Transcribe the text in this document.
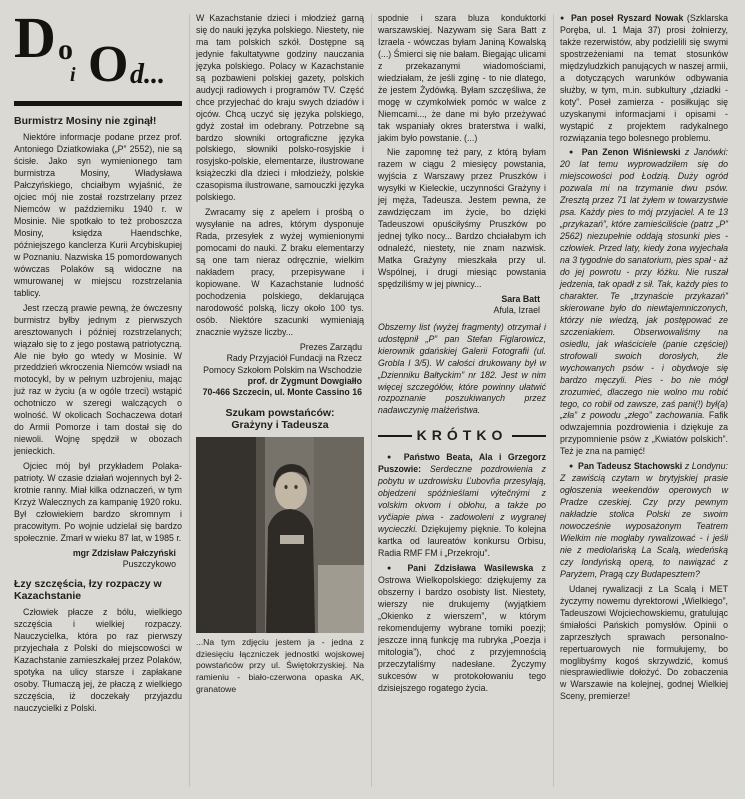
D o
i O d...
Burmistrz Mosiny nie zginął!

Niektóre informacje podane przez prof. Antoniego Dziatkowiaka („P” 2552), nie są ścisłe. Jako syn wymienionego tam burmistrza Mosiny, Władysława Pałczyńskiego, chciałbym wyjaśnić, że ojciec mój nie został rozstrzelany przez Niemców w październiku 1940 r. w Mosinie. Nie spotkało to też proboszcza Mosiny, księdza Haendschke, późniejszego kanclerza Kurii Arcybiskupiej w Poznaniu. Nazwiska 15 pomordowanych wówczas Polaków są widoczne na wmurowanej w miejscu rozstrzelania tablicy.

Jest rzeczą prawie pewną, że ówczesny burmistrz byłby jednym z pierwszych aresztowanych i później rozstrzelanych; wiązało się to z jego postawą patriotyczną. Ale nie było go wtedy w Mosinie. W przeddzień wkroczenia Niemców wsiadł na motocykl, by w pełnym uzbrojeniu, mając już raz w życiu (a w ogóle trzeci) wstąpić ochotniczo w szeregi walczących o wolność. W okolicach Sochaczewa dotarł do Armii Pomorze i tam dostał się do niewoli. Wojnę spędził w obozach jenieckich.

Ojciec mój był przykładem Polaka-patrioty. W czasie działań wojennych był 2-krotnie ranny. Miał kilka odznaczeń, w tym Krzyż Walecznych za kampanię 1920 roku. Był człowiekiem bardzo skromnym i pracowitym. Po wojnie udzielał się bardzo społecznie. Zmarł w wieku 87 lat, w 1985 r.

mgr Zdzisław Pałczyński
Puszczykowo
Łzy szczęścia, łzy rozpaczy w Kazachstanie

Człowiek płacze z bólu, wielkiego szczęścia i wielkiej rozpaczy. Nauczycielka, która po raz pierwszy przyjechała z Polski do miejscowości w Kazachstanie zamieszkałej przez Polaków, spotyka na ulicy starsze i zapłakane osoby. Tłumaczą jej, że płaczą z wielkiego szczęścia, iż doczekały przyjazdu nauczycielki z Polski.

W Kazachstanie dzieci i młodzież garną się do nauki języka polskiego. Niestety, nie ma tam polskich szkół. Dostępne są jedynie fakultatywne godziny nauczania języka polskiego. Polacy w Kazachstanie są pozbawieni polskiej gazety, polskich audycji radiowych i programów TV. Część chce przyjechać do kraju swych dziadów i ojców. Chcą uczyć się języka polskiego, gdyż został im odebrany. Potrzebne są bardzo słowniki ortograficzne języka polskiego, słowniki polsko-rosyjskie i rosyjsko-polskie, elementarze, ilustrowane książeczki dla dzieci i młodzieży, polskie czasopisma ilustrowane, samouczki języka polskiego.

Zwracamy się z apelem i prośbą o wysyłanie na adres, którym dysponuje Rada, przesyłek z wyżej wymienionymi pomocami do nauki. Z braku elementarzy są one tam nieraz odręcznie, wielkim nakładem pracy, przepisywane i kopiowane. W Kazachstanie ludność pochodzenia polskiego, deklarująca narodowość polską, liczy około 100 tys. osób. Niektóre szacunki wymieniają znacznie wyższe liczby...

Prezes Zarządu
Rady Przyjaciół Fundacji na Rzecz
Pomocy Szkołom Polskim na Wschodzie
prof. dr Zygmunt Dowgiałło
70-466 Szczecin, ul. Monte Cassino 16
Szukam powstańców:
Grażyny i Tadeusza

...Na tym zdjęciu jestem ja - jedna z dziesięciu łączniczek jednostki wojskowej powstańców przy ul. Świętokrzyskiej. Na ramieniu - biało-czerwona opaska AK, granatowe

spodnie i szara bluza konduktorki warszawskiej. Nazywam się Sara Batt z Izraela - wówczas byłam Janiną Kowalską (...) Śmierci się nie bałam. Biegając ulicami z przekazanymi wiadomościami, wiedziałam, że jeśli zginę - to nie dlatego, że jestem Żydówką. Byłam szczęśliwa, że mogę w czymkolwiek pomóc w walce z Niemcami..., że dane mi było przeżywać tak wspaniały okres braterstwa i walki, jakim było powstanie. (...)

Nie zapomnę też pary, z którą byłam razem w ciągu 2 miesięcy powstania, wyjścia z Warszawy przez Pruszków i wysyłki w Kieleckie, uczynności Grażyny i jej męża, Tadeusza. Jestem pewna, że zawdzięczam im życie, bo dzięki Tadeuszowi opuściłyśmy Pruszków po jednej tylko nocy... Bardzo chciałabym ich odnaleźć, niestety, nie znam nazwisk. Matka Grażyny mieszkała przy ul. Wspólnej, i drugi miesiąc powstania spędziliśmy w jej piwnicy...

Sara Batt
Afula, Izrael

Obszerny list (wyżej fragmenty) otrzymał i udostępnił „P” pan Stefan Figlarowicz, kierownik gdańskiej Galerii Fotografii (ul. Grobla I 3/5). W całości drukowany był w „Dzienniku Bałtyckim” nr 182. Jest w nim więcej szczegółów, które powinny ułatwić rozpoznanie poszukiwanych przez nadawczynię małżeństwa.

KRÓTKO

● Państwo Beata, Ala i Grzegorz Puszowie: Serdeczne pozdrowienia z pobytu w uzdrowisku Ľubovňa przesyłają, objedzeni spóźnieślami výtečnými z volskim okvom i obłohu, a także po vyčiapie piwa - zadowoleni z wygranej wycieczki. Dziękujemy pięknie. To kolejna kartka od laureatów konkursu Orbisu, Radia RMF FM i „Przekroju”.

● Pani Zdzisława Wasilewska z Ostrowa Wielkopolskiego: dziękujemy za obszerny i bardzo osobisty list. Niestety, wierszy nie drukujemy (wyjątkiem „Okienko z wierszem”, w którym rekomendujemy wybrane tomiki poezji; jeszcze inną funkcję ma rubryka „Poezja i mitologia”), choć z przyjemnością przeczytaliśmy nadesłane. Życzymy sukcesów w protokołowaniu tego dzisiejszego rogatego życia.

● Pan poseł Ryszard Nowak (Szklarska Poręba, ul. 1 Maja 37) prosi żołnierzy, także rezerwistów, aby podzielili się swymi spostrzeżeniami na temat stosunków międzyludzkich panujących w naszej armii, a dotyczących warunków odbywania służby, w tym, m.in. subkultury „dziadki - koty”. Poseł zamierza - posiłkując się uzyskanymi informacjami i opisami - wystąpić z projektem radykalnego rozwiązania tego bolesnego problemu.

● Pan Zenon Wiśniewski z Janówki: 20 lat temu wyprowadziłem się do miejscowości pod Łodzią. Duży ogród pozwala mi na trzymanie dwu psów. Zresztą przez 71 lat żyłem w towarzystwie psa. Każdy pies to mój przyjaciel. A te 13 „przykazań”, które zamieściliście (patrz „P” 2562) niezupełnie oddają stosunki pies - człowiek. Przed laty, kiedy żona wyjechała na 3 tygodnie do sanatorium, pies spał - aż do jej powrotu - przy łóżku. Nie ruszał jedzenia, tak opadł z sił. Tak, każdy pies to charakter. Te „trzynaście przykazań” skierowane było do niewtajemniczonych, którzy nie wiedzą, jak postępować ze szczeniakiem. Obserwowaliśmy na osiedlu, jak właściciele (panie częściej) strofowali swoich dorosłych, źle wychowanych psów - i obydwoje się bardzo męczyli. Pies - bo nie mógł zrozumieć, dlaczego nie wolno mu robić tego, co robił od zawsze, zaś pani(!) był(a) „zła” z powodu „złego” zachowania. Fafik odwzajemnia pozdrowienia i dziękuje za przypomnienie psów z „Kwiatów polskich”. Też je zna na pamięć!

● Pan Tadeusz Stachowski z Londynu: Z zawiścią czytam w brytyjskiej prasie ogłoszenia weekendów operowych w Pradze czeskiej. Czy przy pewnym nakładzie stolica Polski ze swoim nowocześnie wyposażonym Teatrem Wielkim nie mogłaby rywalizować - i jeśli nie z mediolańską La Scalą, wiedeńską czy londyńską operą, to nawiązać z Paryżem, Pragą czy Budapesztem?

Udanej rywalizacji z La Scalą i MET życzymy nowemu dyrektorowi „Wielkiego”, Tadeuszowi Wojciechowskiemu, gratulując śmiałości Pańskich pomysłów. Opinii o zaprzeszłych sprawach personalno-repertuarowych nie formułujemy, bo moglibyśmy kogoś skrzywdzić, komuś niesprawiedliwie dołożyć. Do zobaczenia w Warszawie na kolejnej, godnej Wielkiej Sceny, premierze!
